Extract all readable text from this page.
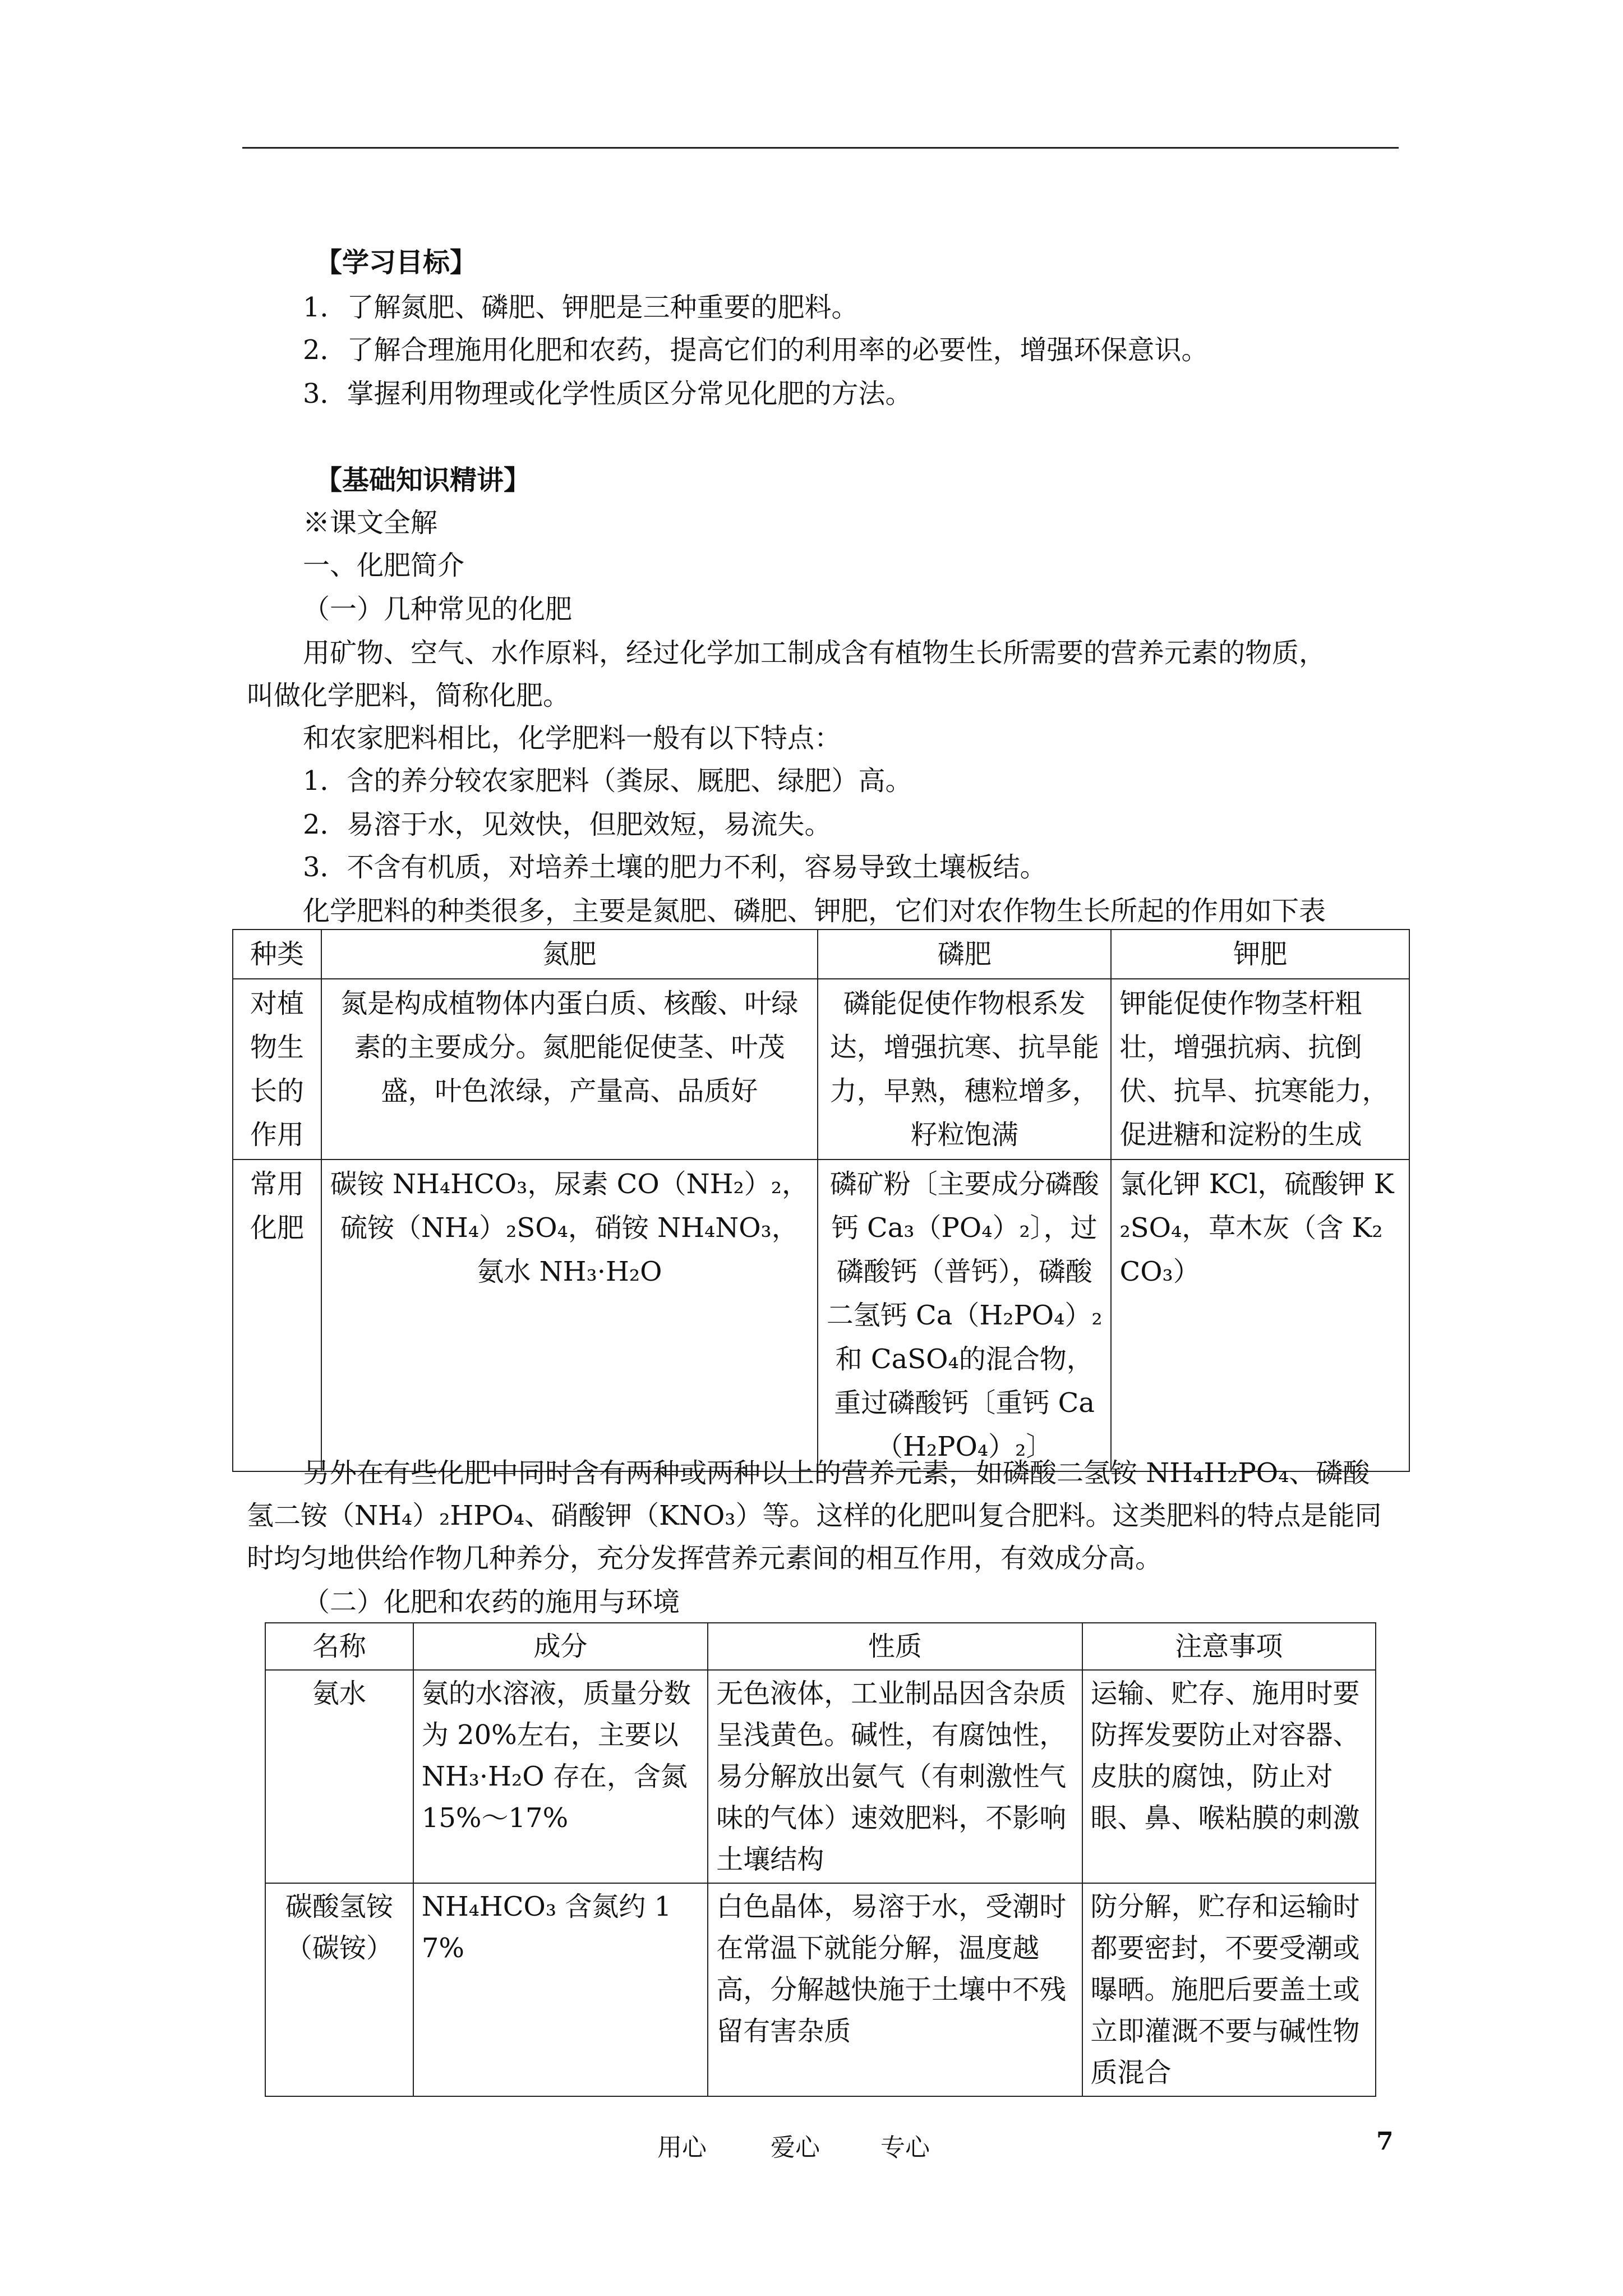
【学习目标】
1．了解氮肥、磷肥、钾肥是三种重要的肥料。
2．了解合理施用化肥和农药，提高它们的利用率的必要性，增强环保意识。
3．掌握利用物理或化学性质区分常见化肥的方法。
【基础知识精讲】
※课文全解
一、化肥简介
（一）几种常见的化肥
用矿物、空气、水作原料，经过化学加工制成含有植物生长所需要的营养元素的物质，
叫做化学肥料，简称化肥。
和农家肥料相比，化学肥料一般有以下特点：
1．含的养分较农家肥料（粪尿、厩肥、绿肥）高。
2．易溶于水，见效快，但肥效短，易流失。
3．不含有机质，对培养土壤的肥力不利，容易导致土壤板结。
化学肥料的种类很多，主要是氮肥、磷肥、钾肥，它们对农作物生长所起的作用如下表
种类	氮肥	磷肥	钾肥
对植物生长的作用	氮是构成植物体内蛋白质、核酸、叶绿素的主要成分。氮肥能促使茎、叶茂盛，叶色浓绿，产量高、品质好	磷能促使作物根系发达，增强抗寒、抗旱能力，早熟，穗粒增多，籽粒饱满	钾能促使作物茎杆粗壮，增强抗病、抗倒伏、抗旱、抗寒能力，促进糖和淀粉的生成
常用化肥	碳铵 NH₄HCO₃，尿素 CO（NH₂）₂，硫铵（NH₄）₂SO₄，硝铵 NH₄NO₃，氨水 NH₃·H₂O	磷矿粉〔主要成分磷酸钙 Ca₃（PO₄）₂〕，过磷酸钙（普钙），磷酸二氢钙 Ca（H₂PO₄）₂和 CaSO₄的混合物，重过磷酸钙〔重钙 Ca（H₂PO₄）₂〕	氯化钾 KCl，硫酸钾 K₂SO₄，草木灰（含 K₂CO₃）
另外在有些化肥中同时含有两种或两种以上的营养元素，如磷酸二氢铵 NH₄H₂PO₄、磷酸
氢二铵（NH₄）₂HPO₄、硝酸钾（KNO₃）等。这样的化肥叫复合肥料。这类肥料的特点是能同
时均匀地供给作物几种养分，充分发挥营养元素间的相互作用，有效成分高。
（二）化肥和农药的施用与环境
名称	成分	性质	注意事项
氨水	氨的水溶液，质量分数为 20%左右，主要以 NH₃·H₂O 存在，含氮 15%～17%	无色液体，工业制品因含杂质呈浅黄色。碱性，有腐蚀性，易分解放出氨气（有刺激性气味的气体）速效肥料，不影响土壤结构	运输、贮存、施用时要防挥发要防止对容器、皮肤的腐蚀，防止对眼、鼻、喉粘膜的刺激
碳酸氢铵（碳铵）	NH₄HCO₃ 含氮约 17%	白色晶体，易溶于水，受潮时在常温下就能分解，温度越高，分解越快施于土壤中不残留有害杂质	防分解，贮存和运输时都要密封，不要受潮或曝晒。施肥后要盖土或立即灌溉不要与碱性物质混合
用心	爱心 专心	7
